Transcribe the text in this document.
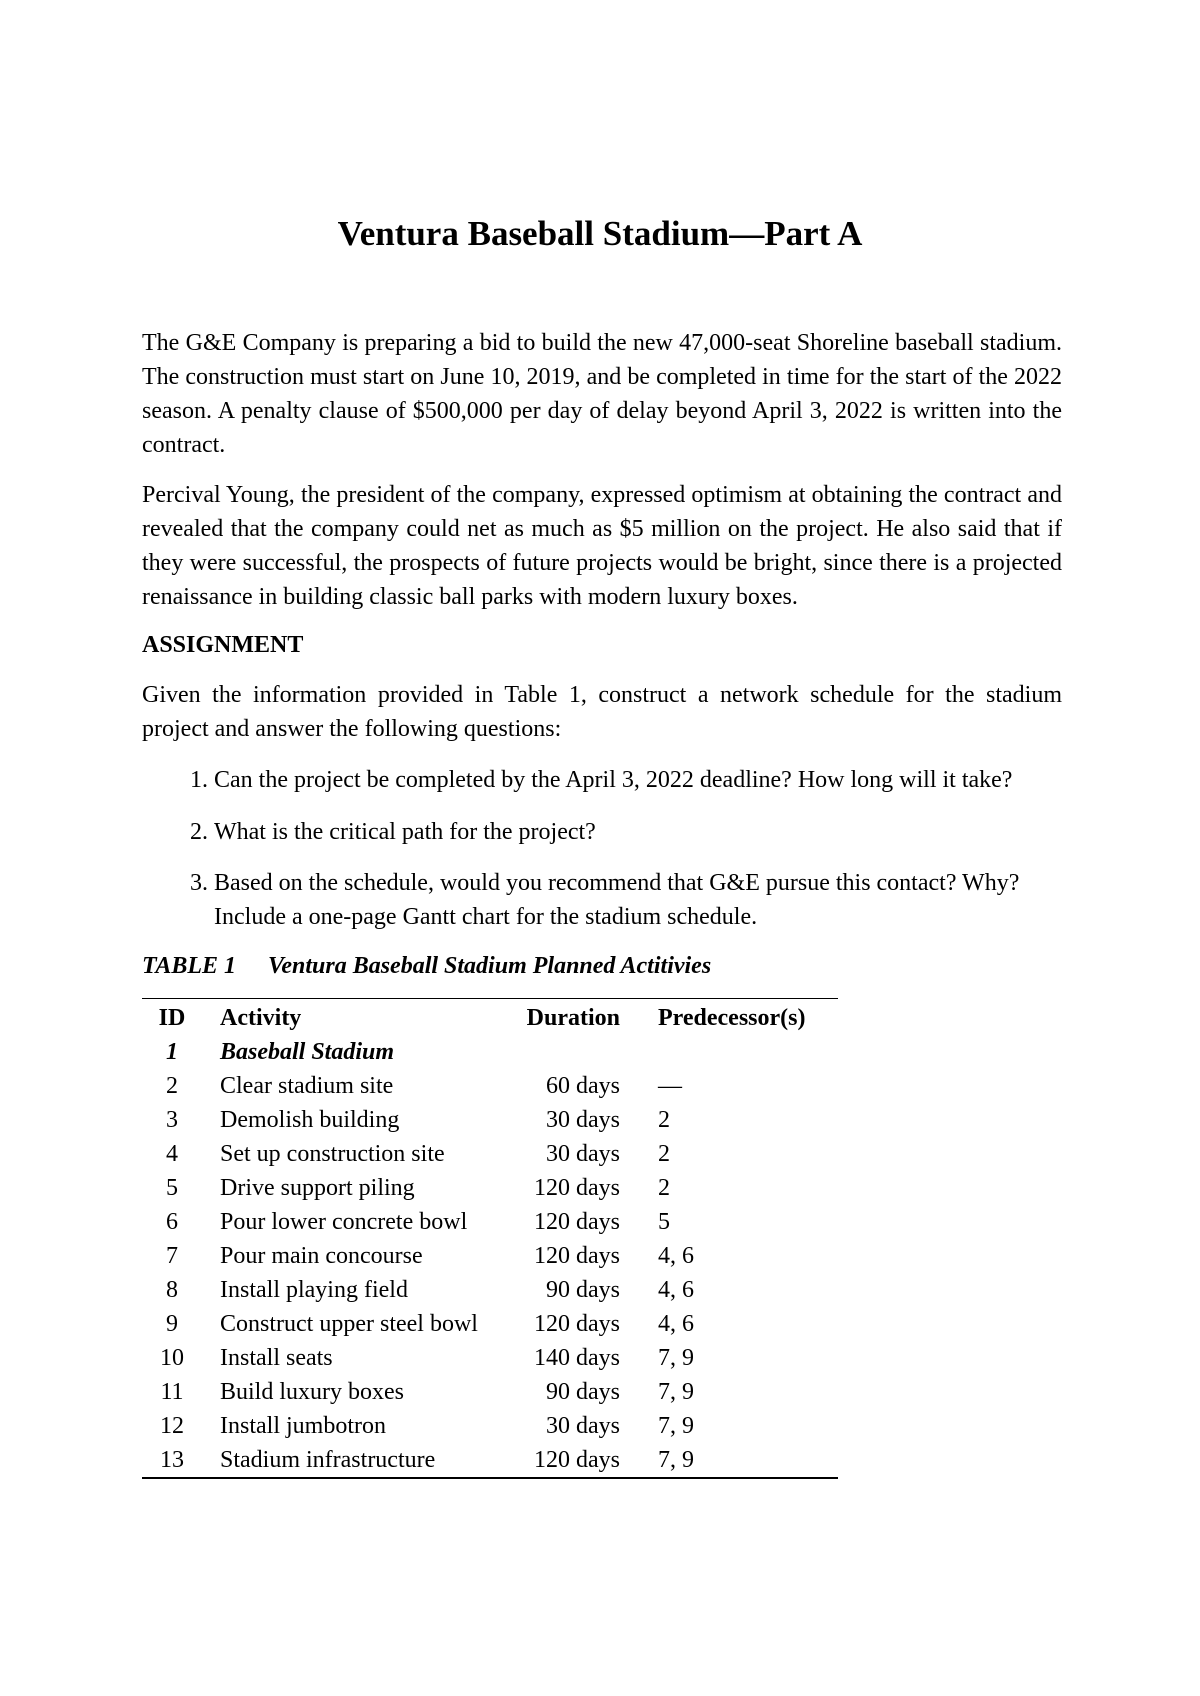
Ventura Baseball Stadium—Part A

The G&E Company is preparing a bid to build the new 47,000-seat Shoreline baseball stadium. The construction must start on June 10, 2019, and be completed in time for the start of the 2022 season. A penalty clause of $500,000 per day of delay beyond April 3, 2022 is written into the contract.

Percival Young, the president of the company, expressed optimism at obtaining the contract and revealed that the company could net as much as $5 million on the project. He also said that if they were successful, the prospects of future projects would be bright, since there is a projected renaissance in building classic ball parks with modern luxury boxes.

ASSIGNMENT

Given the information provided in Table 1, construct a network schedule for the stadium project and answer the following questions:

1. Can the project be completed by the April 3, 2022 deadline? How long will it take?
2. What is the critical path for the project?
3. Based on the schedule, would you recommend that G&E pursue this contact? Why? Include a one-page Gantt chart for the stadium schedule.
TABLE 1 Ventura Baseball Stadium Planned Actitivies
ID	Activity	Duration	Predecessor(s)
1	Baseball Stadium		
2	Clear stadium site	60 days	—
3	Demolish building	30 days	2
4	Set up construction site	30 days	2
5	Drive support piling	120 days	2
6	Pour lower concrete bowl	120 days	5
7	Pour main concourse	120 days	4, 6
8	Install playing field	90 days	4, 6
9	Construct upper steel bowl	120 days	4, 6
10	Install seats	140 days	7, 9
11	Build luxury boxes	90 days	7, 9
12	Install jumbotron	30 days	7, 9
13	Stadium infrastructure	120 days	7, 9
